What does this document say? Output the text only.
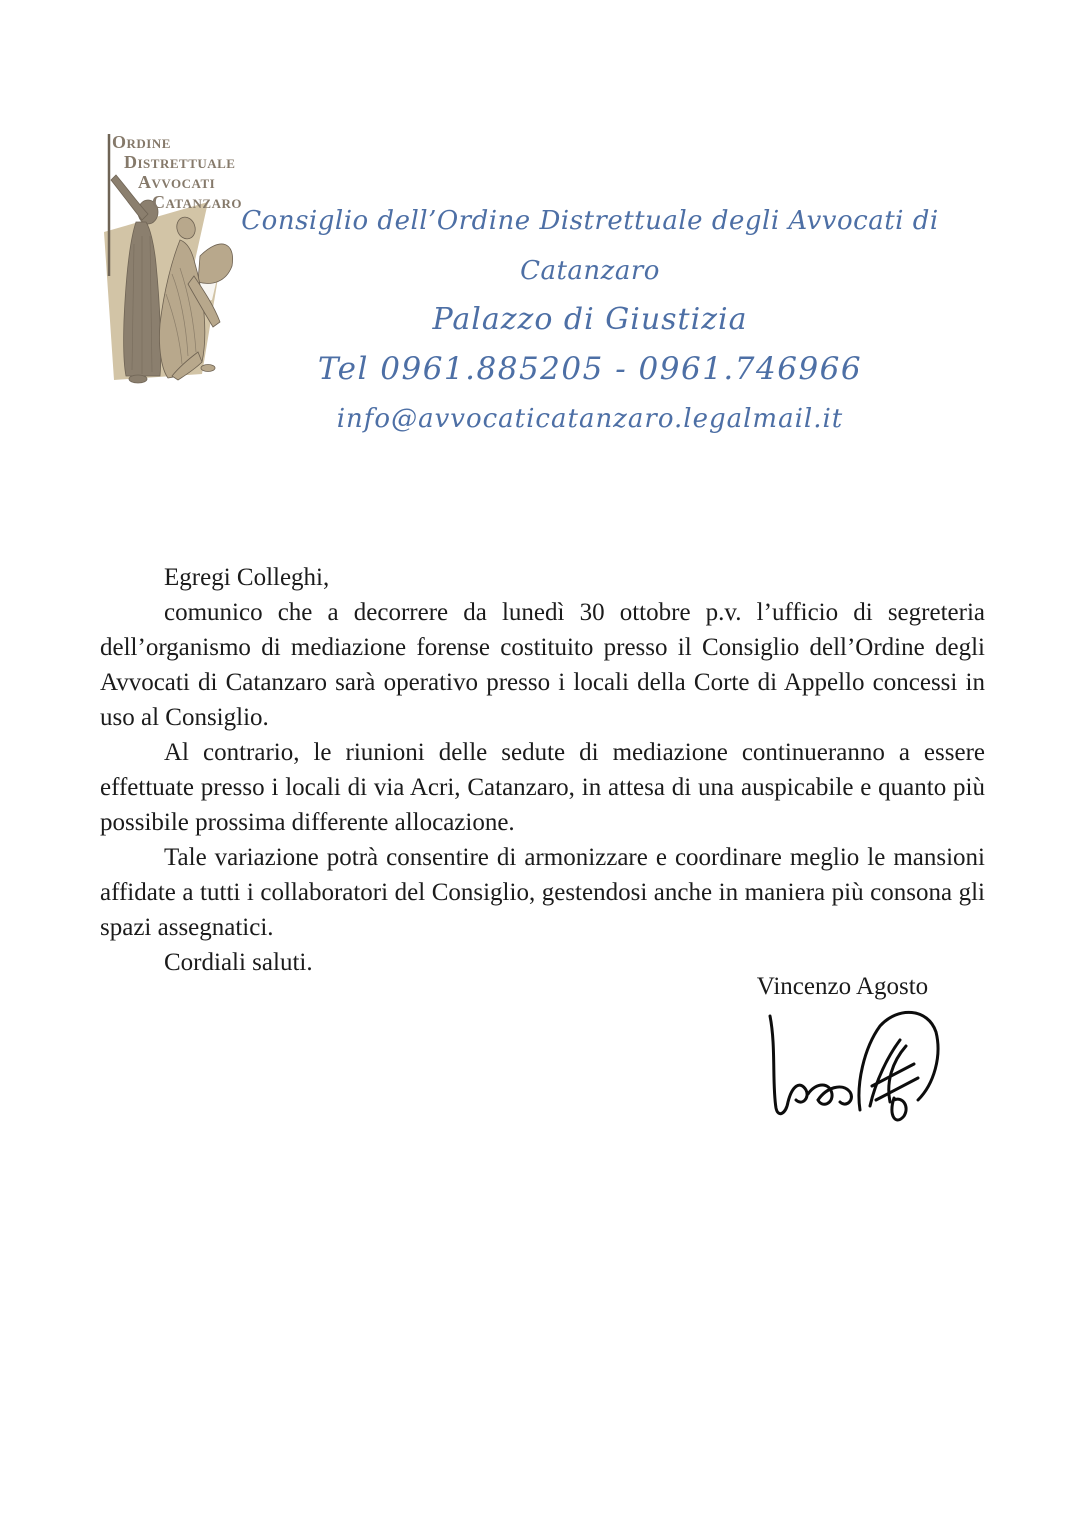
Ordine
Distrettuale
Avvocati
Catanzaro
Consiglio dell’Ordine Distrettuale degli Avvocati di Catanzaro
Palazzo di Giustizia
Tel 0961.885205 - 0961.746966
info@avvocaticatanzaro.legalmail.it

Egregi Colleghi,

comunico che a decorrere da lunedì 30 ottobre p.v. l’ufficio di segreteria dell’organismo di mediazione forense costituito presso il Consiglio dell’Ordine degli Avvocati di Catanzaro sarà operativo presso i locali della Corte di Appello concessi in uso al Consiglio.

Al contrario, le riunioni delle sedute di mediazione continueranno a essere effettuate presso i locali di via Acri, Catanzaro, in attesa di una auspicabile e quanto più possibile prossima differente allocazione.

Tale variazione potrà consentire di armonizzare e coordinare meglio le mansioni affidate a tutti i collaboratori del Consiglio, gestendosi anche in maniera più consona gli spazi assegnatici.

Cordiali saluti.

Vincenzo Agosto
